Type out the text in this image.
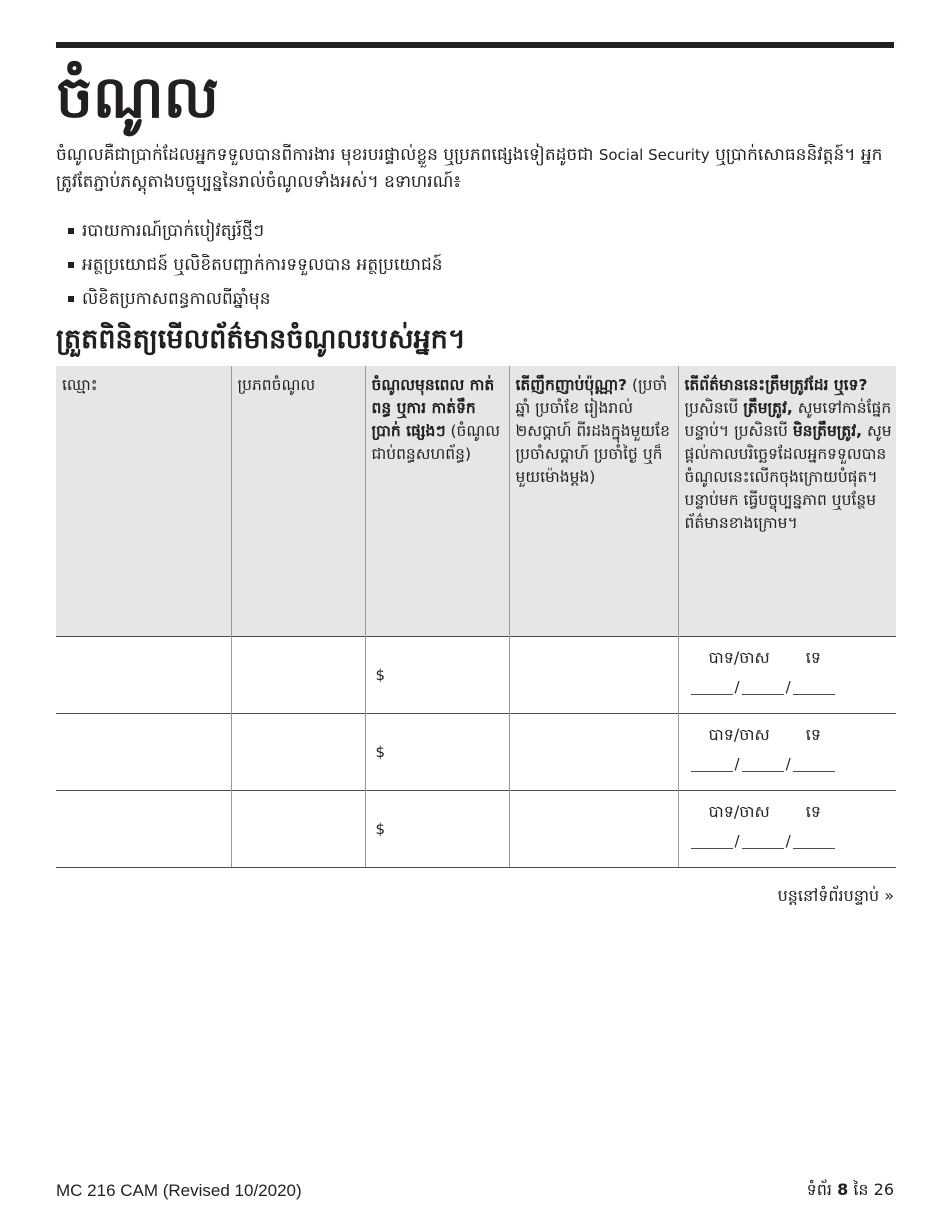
ចំណូល

ចំណូលគឺជាប្រាក់ដែលអ្នកទទួលបានពីការងារ មុខរបរផ្ទាល់ខ្លួន ឬប្រភពផ្សេងទៀតដូចជា Social Security ឬប្រាក់សោធននិវត្តន៍។ អ្នកត្រូវតែភ្ជាប់ភស្តុតាងបច្ចុប្បន្ននៃរាល់ចំណូលទាំងអស់។ ឧទាហរណ៍៖

របាយការណ៍ប្រាក់បៀវត្សរ៍ថ្មីៗ
អត្ថប្រយោជន៍ ឬលិខិតបញ្ជាក់ការទទួលបាន អត្ថប្រយោជន៍
លិខិតប្រកាសពន្ធកាលពីឆ្នាំមុន
ត្រួតពិនិត្យមើលព័ត៌មានចំណូលរបស់អ្នក។
ឈ្មោះ	ប្រភពចំណូល	ចំណូលមុនពេល កាត់ពន្ធ ឬការ កាត់ទឹកប្រាក់ ផ្សេងៗ (ចំណូលជាប់ពន្ធសហព័ន្ធ)	តើញឹកញាប់ប៉ុណ្ណា? (ប្រចាំឆ្នាំ ប្រចាំខែ រៀងរាល់ ២សប្តាហ៍ ពីរដងក្នុងមួយខែ ប្រចាំសប្តាហ៍ ប្រចាំថ្ងៃ ឬក៏មួយម៉ោងម្តង)	តើព័ត៌មាននេះត្រឹមត្រូវដែរ ឬទេ? ប្រសិនបើ ត្រឹមត្រូវ, សូមទៅកាន់ផ្នែកបន្ទាប់។ ប្រសិនបើ មិនត្រឹមត្រូវ, សូមផ្តល់កាលបរិច្ឆេទដែលអ្នកទទួលបានចំណូលនេះលើកចុងក្រោយបំផុត។ បន្ទាប់មក ធ្វើបច្ចុប្បន្នភាព ឬបន្ថែមព័ត៌មានខាងក្រោម។
		$		បាទ/ចាស ទេ
/ /

		$		បាទ/ចាស ទេ
/ /

		$		បាទ/ចាស ទេ
/ /
បន្តនៅទំព័របន្ទាប់ »
MC 216 CAM (Revised 10/2020)	ទំព័រ 8 នៃ 26
